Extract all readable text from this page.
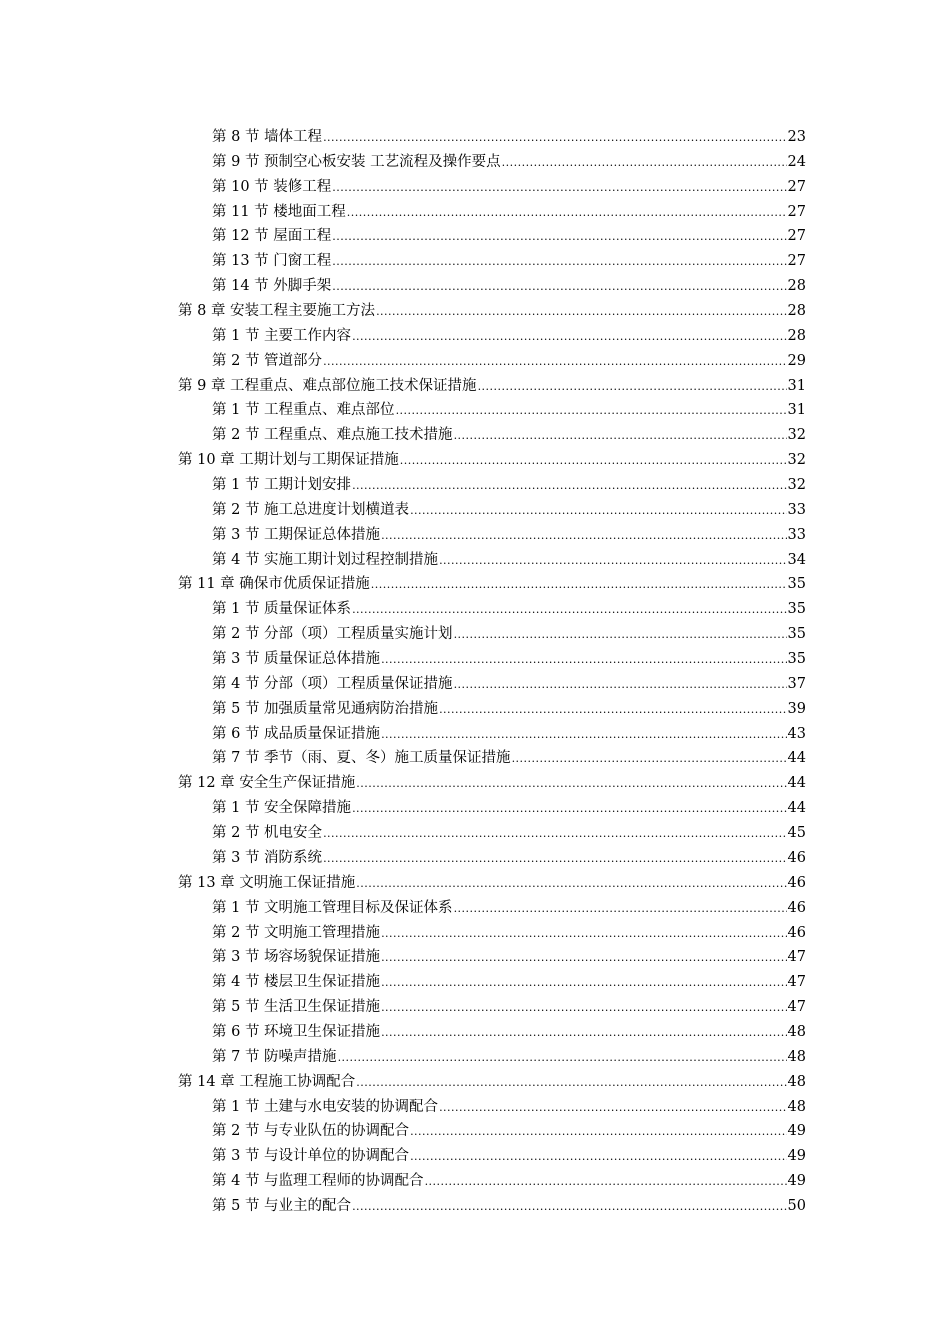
第 8 节 墙体工程 .....	23
第 9 节 预制空心板安装 工艺流程及操作要点 .....	24
第 10 节 装修工程 .....	27
第 11 节 楼地面工程 .....	27
第 12 节 屋面工程 .....	27
第 13 节 门窗工程 .....	27
第 14 节 外脚手架 .....	28
第 8 章 安装工程主要施工方法 .....	28
第 1 节 主要工作内容 .....	28
第 2 节 管道部分 .....	29
第 9 章 工程重点、难点部位施工技术保证措施 .....	31
第 1 节 工程重点、难点部位 .....	31
第 2 节 工程重点、难点施工技术措施 .....	32
第 10 章 工期计划与工期保证措施 .....	32
第 1 节 工期计划安排 .....	32
第 2 节 施工总进度计划横道表 .....	33
第 3 节 工期保证总体措施 .....	33
第 4 节 实施工期计划过程控制措施 .....	34
第 11 章 确保市优质保证措施 .....	35
第 1 节 质量保证体系 .....	35
第 2 节 分部（项）工程质量实施计划 .....	35
第 3 节 质量保证总体措施 .....	35
第 4 节 分部（项）工程质量保证措施 .....	37
第 5 节 加强质量常见通病防治措施 .....	39
第 6 节 成品质量保证措施 .....	43
第 7 节 季节（雨、夏、冬）施工质量保证措施 .....	44
第 12 章 安全生产保证措施 .....	44
第 1 节 安全保障措施 .....	44
第 2 节 机电安全 .....	45
第 3 节 消防系统 .....	46
第 13 章 文明施工保证措施 .....	46
第 1 节 文明施工管理目标及保证体系 .....	46
第 2 节 文明施工管理措施 .....	46
第 3 节 场容场貌保证措施 .....	47
第 4 节 楼层卫生保证措施 .....	47
第 5 节 生活卫生保证措施 .....	47
第 6 节 环境卫生保证措施 .....	48
第 7 节 防噪声措施 .....	48
第 14 章 工程施工协调配合 .....	48
第 1 节 土建与水电安装的协调配合 .....	48
第 2 节 与专业队伍的协调配合 .....	49
第 3 节 与设计单位的协调配合 .....	49
第 4 节 与监理工程师的协调配合 .....	49
第 5 节 与业主的配合 .....	50
